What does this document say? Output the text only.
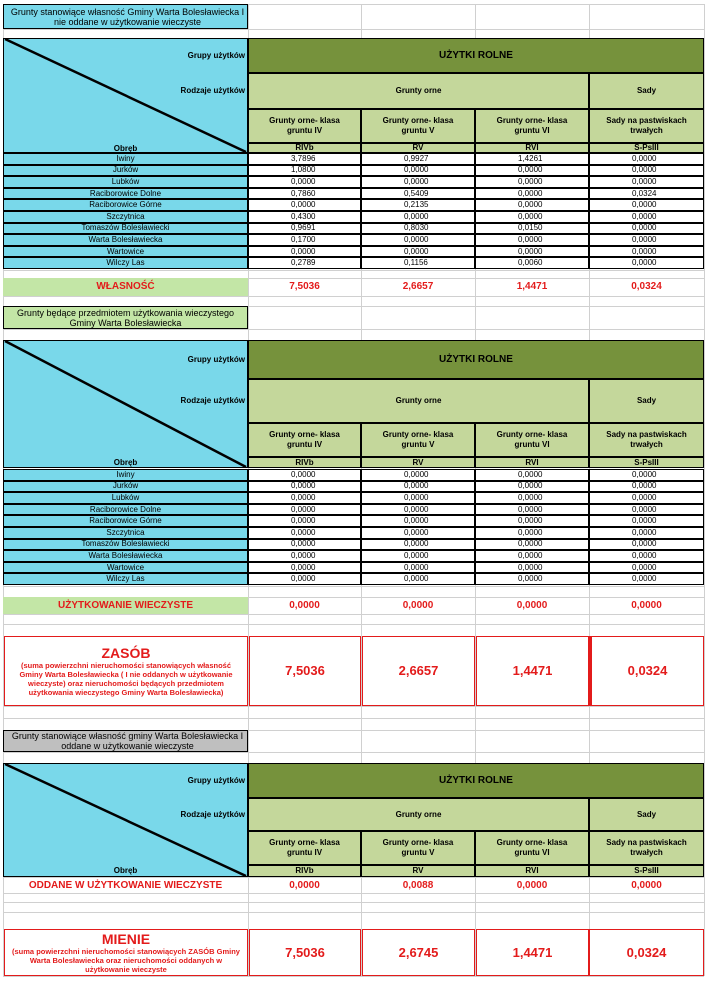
Grunty stanowiące własność Gminy Warta Bolesławiecka I nie oddane w użytkowanie wieczyste
Grupy użytków
Rodzaje użytków
Obręb
UŻYTKI ROLNE
Grunty orne	Sady
Grunty orne- klasa gruntu IV
RIVb
Grunty orne- klasa gruntu V
RV
Grunty orne- klasa gruntu VI
RVI
Sady na pastwiskach trwałych
S-PsIII
Iwiny	3,7896	0,9927	1,4261	0,0000
Jurków	1,0800	0,0000	0,0000	0,0000
Lubków	0,0000	0,0000	0,0000	0,0000
Raciborowice Dolne	0,7860	0,5409	0,0000	0,0324
Raciborowice Górne	0,0000	0,2135	0,0000	0,0000
Szczytnica	0,4300	0,0000	0,0000	0,0000
Tomaszów Bolesławiecki	0,9691	0,8030	0,0150	0,0000
Warta Bolesławiecka	0,1700	0,0000	0,0000	0,0000
Wartowice	0,0000	0,0000	0,0000	0,0000
Wilczy Las	0,2789	0,1156	0,0060	0,0000
WŁASNOŚĆ	7,5036	2,6657	1,4471	0,0324
Grunty będące przedmiotem użytkowania wieczystego Gminy Warta Bolesławiecka
Grupy użytków
Rodzaje użytków
Obręb
UŻYTKI ROLNE
Grunty orne	Sady
Grunty orne- klasa gruntu IV
RIVb
Grunty orne- klasa gruntu V
RV
Grunty orne- klasa gruntu VI
RVI
Sady na pastwiskach trwałych
S-PsIII
Iwiny	0,0000	0,0000	0,0000	0,0000
Jurków	0,0000	0,0000	0,0000	0,0000
Lubków	0,0000	0,0000	0,0000	0,0000
Raciborowice Dolne	0,0000	0,0000	0,0000	0,0000
Raciborowice Górne	0,0000	0,0000	0,0000	0,0000
Szczytnica	0,0000	0,0000	0,0000	0,0000
Tomaszów Bolesławiecki	0,0000	0,0000	0,0000	0,0000
Warta Bolesławiecka	0,0000	0,0000	0,0000	0,0000
Wartowice	0,0000	0,0000	0,0000	0,0000
Wilczy Las	0,0000	0,0000	0,0000	0,0000
UŻYTKOWANIE WIECZYSTE	0,0000	0,0000	0,0000	0,0000
ZASÓB
(suma powierzchni nieruchomości stanowiących własność Gminy Warta Bolesławiecka ( I nie oddanych w użytkowanie wieczyste) oraz nieruchomości będących przedmiotem użytkowania wieczystego Gminy Warta Bolesławiecka)
7,5036	2,6657	1,4471	0,0324
Grunty stanowiące własność gminy Warta Bolesławiecka I oddane w użytkowanie wieczyste
Grupy użytków
Rodzaje użytków
Obręb
UŻYTKI ROLNE
Grunty orne	Sady
Grunty orne- klasa gruntu IV
RIVb
Grunty orne- klasa gruntu V
RV
Grunty orne- klasa gruntu VI
RVI
Sady na pastwiskach trwałych
S-PsIII
ODDANE W UŻYTKOWANIE WIECZYSTE	0,0000	0,0088	0,0000	0,0000
MIENIE
(suma powierzchni nieruchomości stanowiących ZASÓB Gminy Warta Bolesławiecka oraz nieruchomości oddanych w użytkowanie wieczyste
7,5036	2,6745	1,4471	0,0324
